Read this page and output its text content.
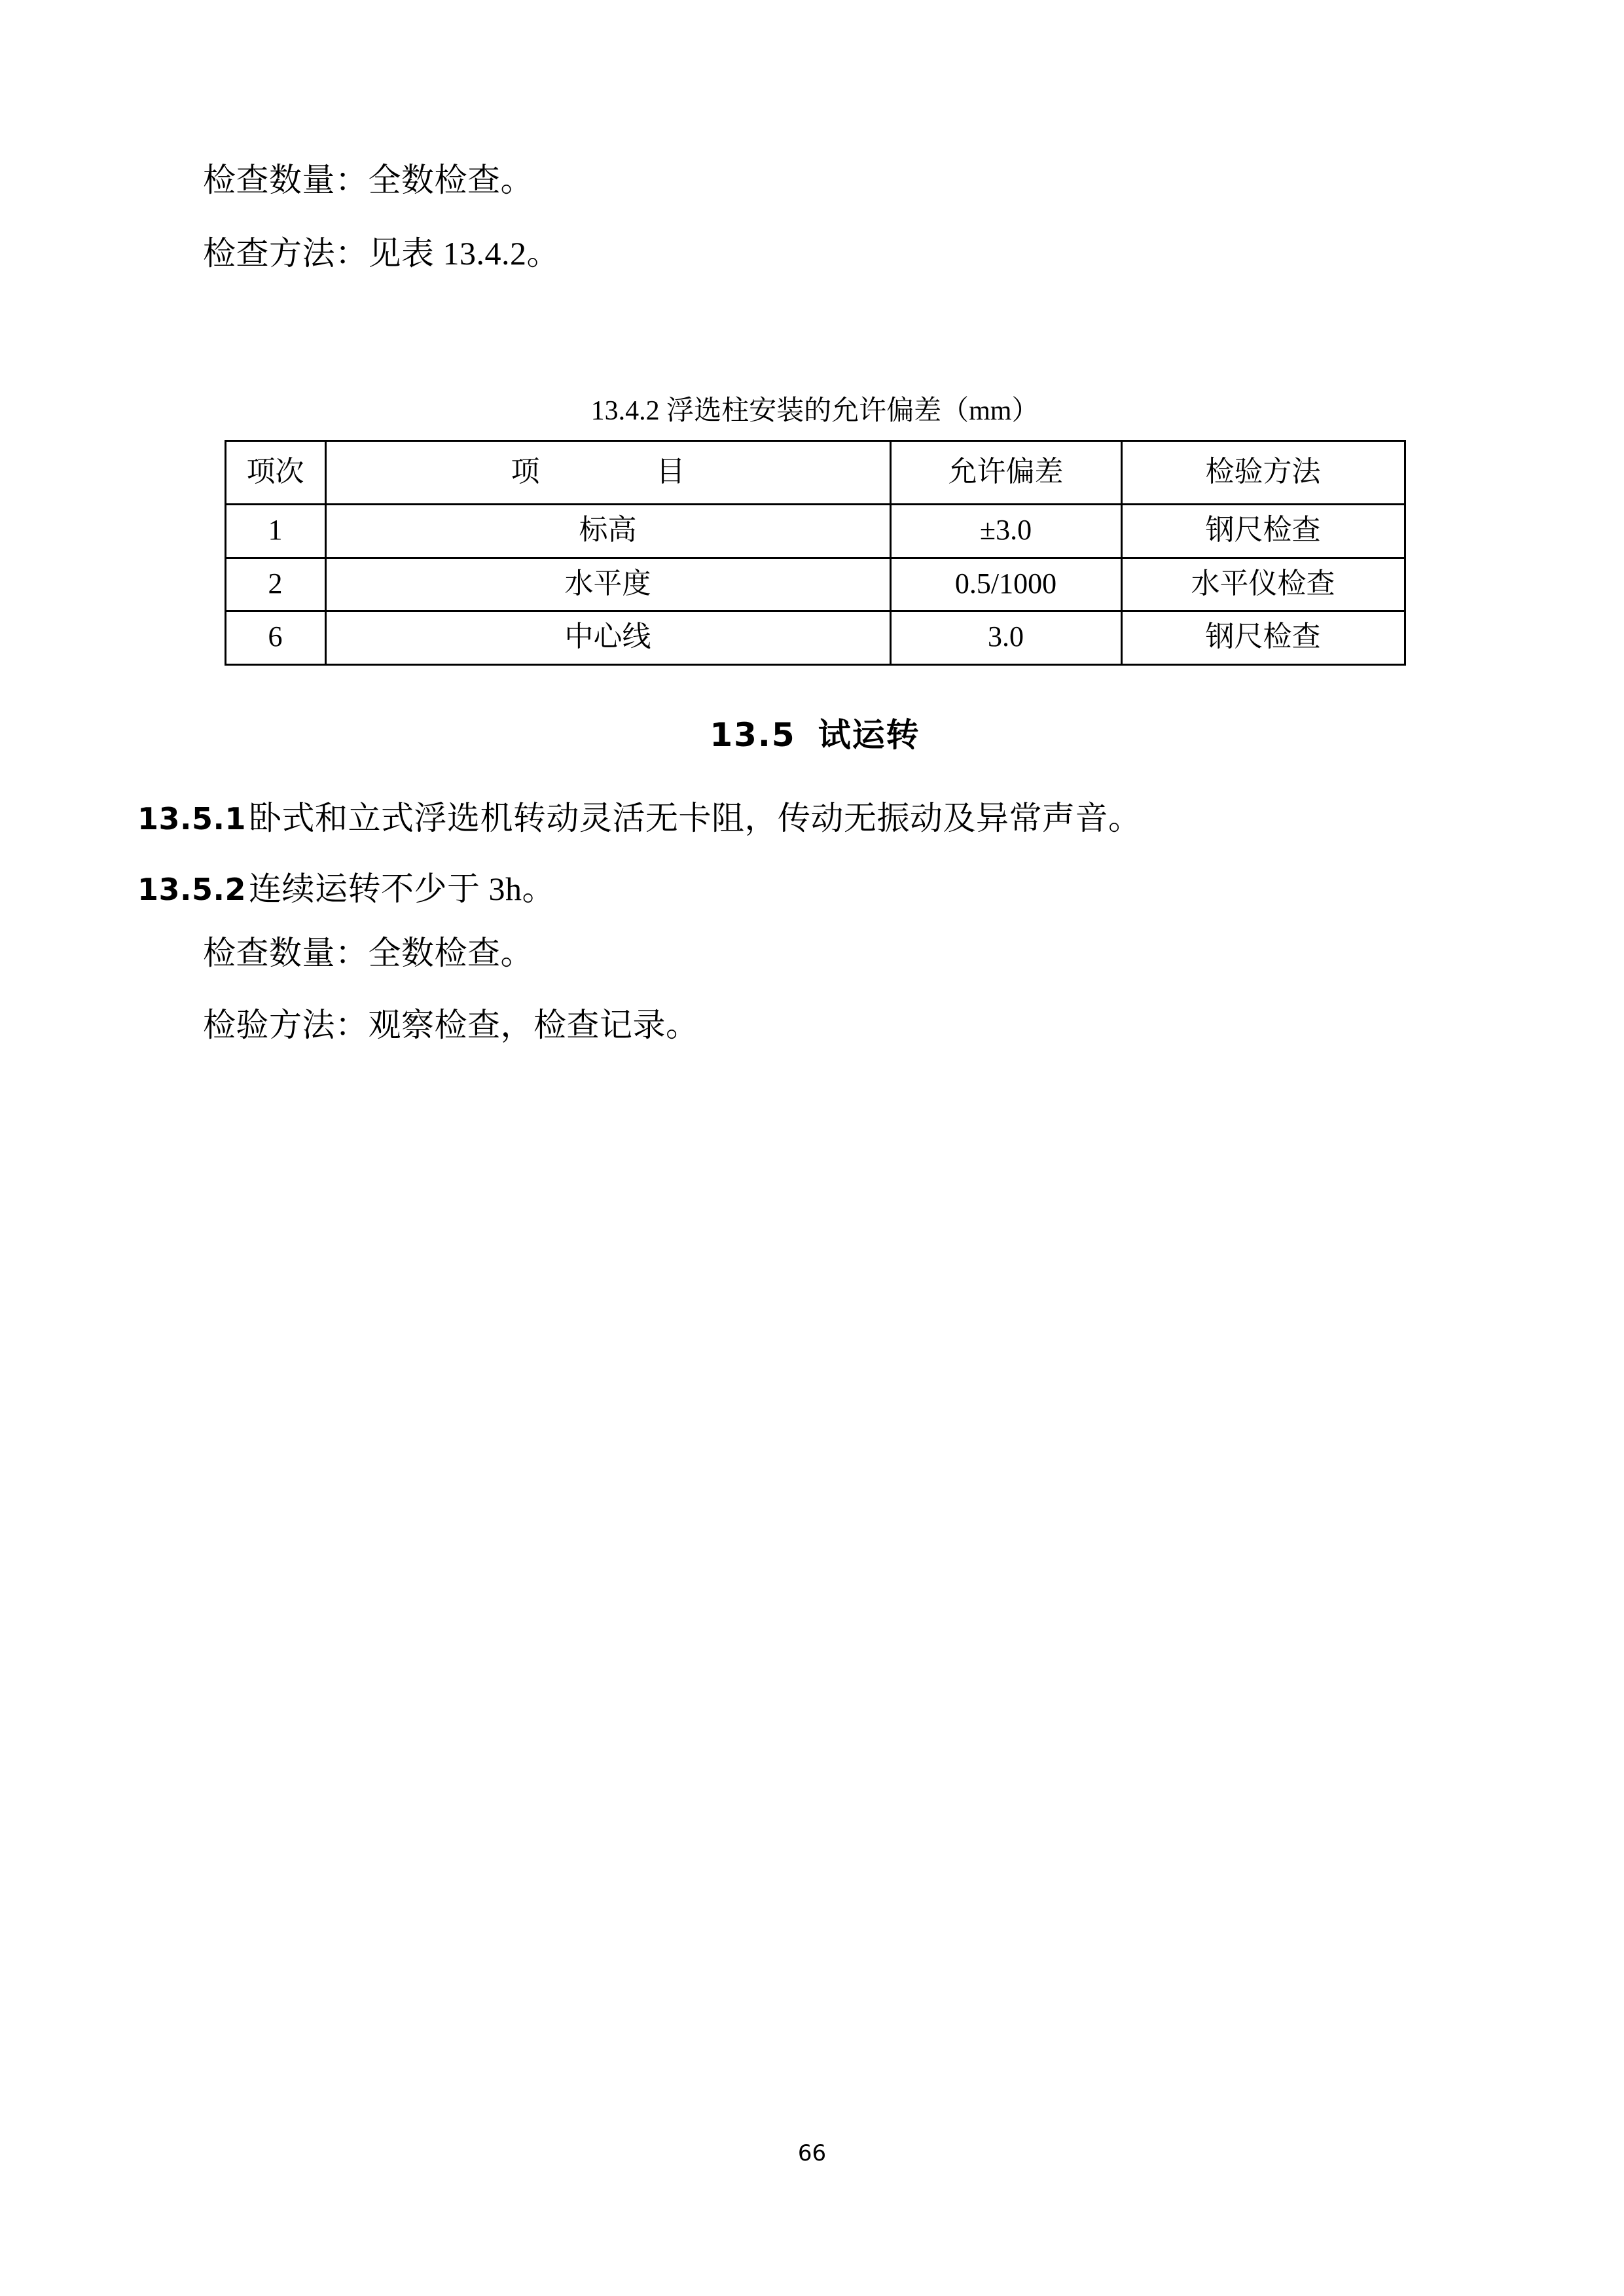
检查数量：全数检查。

检查方法：见表 13.4.2。

13.4.2 浮选柱安装的允许偏差（mm）

项次	项　　目	允许偏差	检验方法
1	标高	±3.0	钢尺检查
2	水平度	0.5/1000	水平仪检查
6	中心线	3.0	钢尺检查
13.5 试运转

13.5.1卧式和立式浮选机转动灵活无卡阻，传动无振动及异常声音。

13.5.2连续运转不少于 3h。

检查数量：全数检查。

检验方法：观察检查，检查记录。

66
